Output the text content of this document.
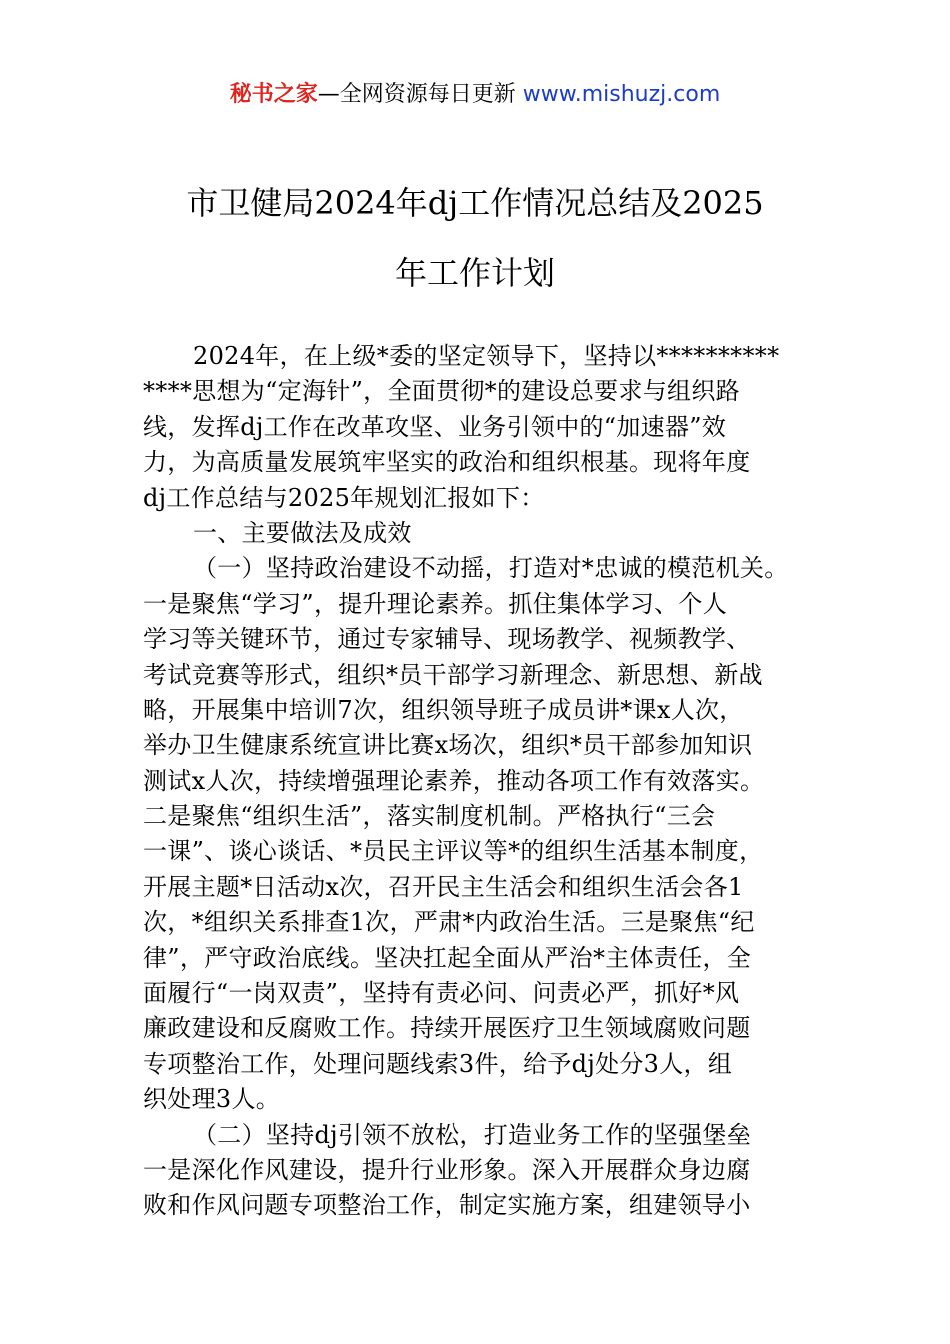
秘书之家—全网资源每日更新 www.mishuzj.com
市卫健局2024年dj工作情况总结及2025
年工作计划
2024年，在上级*委的坚定领导下，坚持以**********
****思想为“定海针”，全面贯彻*的建设总要求与组织路
线，发挥dj工作在改革攻坚、业务引领中的“加速器”效
力，为高质量发展筑牢坚实的政治和组织根基。现将年度
dj工作总结与2025年规划汇报如下：
一、主要做法及成效
（一）坚持政治建设不动摇，打造对*忠诚的模范机关。
一是聚焦“学习”，提升理论素养。抓住集体学习、个人
学习等关键环节，通过专家辅导、现场教学、视频教学、
考试竞赛等形式，组织*员干部学习新理念、新思想、新战
略，开展集中培训7次，组织领导班子成员讲*课x人次，
举办卫生健康系统宣讲比赛x场次，组织*员干部参加知识
测试x人次，持续增强理论素养，推动各项工作有效落实。
二是聚焦“组织生活”，落实制度机制。严格执行“三会
一课”、谈心谈话、*员民主评议等*的组织生活基本制度，
开展主题*日活动x次，召开民主生活会和组织生活会各1
次，*组织关系排查1次，严肃*内政治生活。三是聚焦“纪
律”，严守政治底线。坚决扛起全面从严治*主体责任，全
面履行“一岗双责”，坚持有责必问、问责必严，抓好*风
廉政建设和反腐败工作。持续开展医疗卫生领域腐败问题
专项整治工作，处理问题线索3件，给予dj处分3人，组
织处理3人。
（二）坚持dj引领不放松，打造业务工作的坚强堡垒
一是深化作风建设，提升行业形象。深入开展群众身边腐
败和作风问题专项整治工作，制定实施方案，组建领导小
